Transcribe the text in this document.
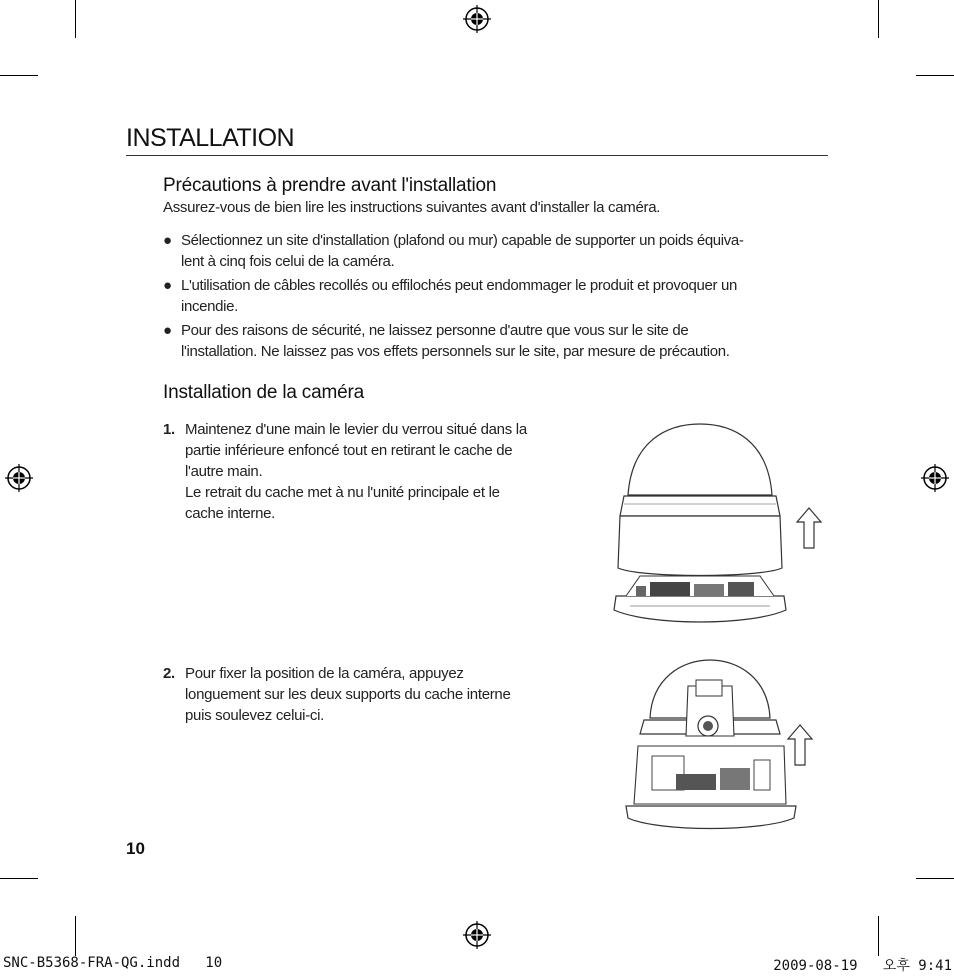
INSTALLATION
Précautions à prendre avant l'installation
Assurez-vous de bien lire les instructions suivantes avant d'installer la caméra.
● Sélectionnez un site d'installation (plafond ou mur) capable de supporter un poids équiva-
lent à cinq fois celui de la caméra.
● L'utilisation de câbles recollés ou effilochés peut endommager le produit et provoquer un
incendie.
● Pour des raisons de sécurité, ne laissez personne d'autre que vous sur le site de
l'installation. Ne laissez pas vos effets personnels sur le site, par mesure de précaution.
Installation de la caméra
1. Maintenez d'une main le levier du verrou situé dans la
partie inférieure enfoncé tout en retirant le cache de
l'autre main.
Le retrait du cache met à nu l'unité principale et le
cache interne.
2. Pour fixer la position de la caméra, appuyez
longuement sur les deux supports du cache interne
puis soulevez celui-ci.
10
SNC-B5368-FRA-QG.indd   10	2009-08-19   오후 9:41
